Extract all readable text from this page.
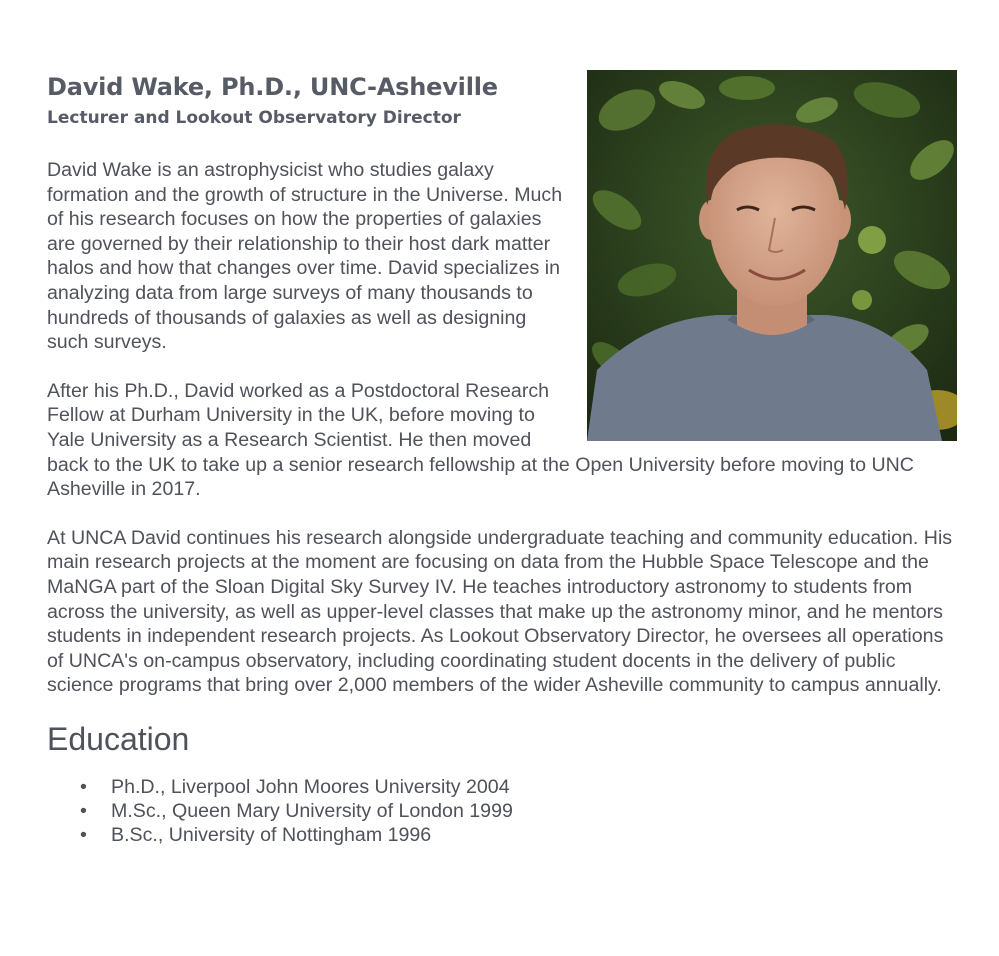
David Wake, Ph.D., UNC-Asheville
Lecturer and Lookout Observatory Director

David Wake is an astrophysicist who studies galaxy formation and the growth of structure in the Universe. Much of his research focuses on how the properties of galaxies are governed by their relationship to their host dark matter halos and how that changes over time. David specializes in analyzing data from large surveys of many thousands to hundreds of thousands of galaxies as well as designing such surveys.

After his Ph.D., David worked as a Postdoctoral Research Fellow at Durham University in the UK, before moving to Yale University as a Research Scientist. He then moved back to the UK to take up a senior research fellowship at the Open University before moving to UNC Asheville in 2017.

At UNCA David continues his research alongside undergraduate teaching and community education. His main research projects at the moment are focusing on data from the Hubble Space Telescope and the MaNGA part of the Sloan Digital Sky Survey IV. He teaches introductory astronomy to students from across the university, as well as upper-level classes that make up the astronomy minor, and he mentors students in independent research projects. As Lookout Observatory Director, he oversees all operations of UNCA's on-campus observatory, including coordinating student docents in the delivery of public science programs that bring over 2,000 members of the wider Asheville community to campus annually.

Education
• Ph.D., Liverpool John Moores University 2004
• M.Sc., Queen Mary University of London 1999
• B.Sc., University of Nottingham 1996
